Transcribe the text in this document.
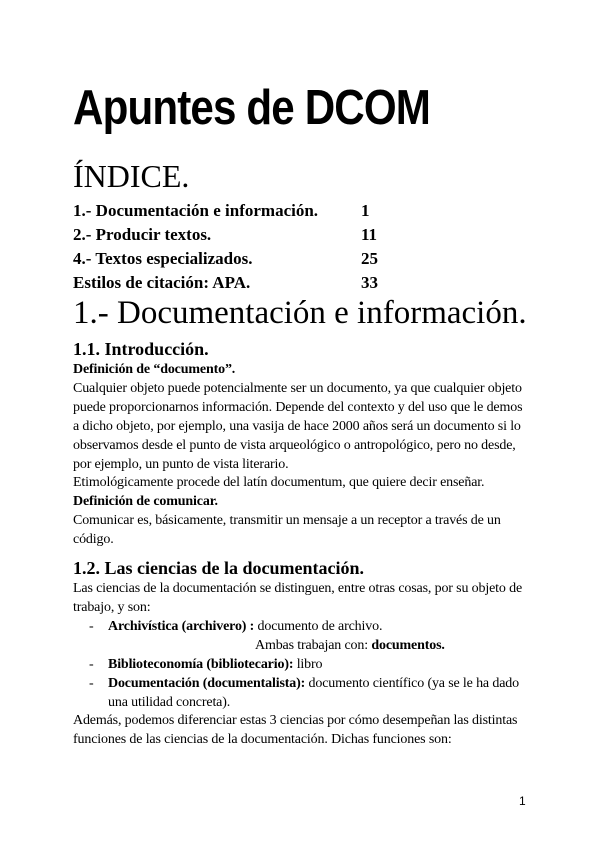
Apuntes de DCOM
ÍNDICE.
1.- Documentación e información.	1
2.- Producir textos.	11
4.- Textos especializados.	25
Estilos de citación: APA.	33
1.- Documentación e información.
1.1. Introducción.
Definición de “documento”.
Cualquier objeto puede potencialmente ser un documento, ya que cualquier objeto puede proporcionarnos información. Depende del contexto y del uso que le demos a dicho objeto, por ejemplo, una vasija de hace 2000 años será un documento si lo observamos desde el punto de vista arqueológico o antropológico, pero no desde, por ejemplo, un punto de vista literario.
Etimológicamente procede del latín documentum, que quiere decir enseñar.
Definición de comunicar.
Comunicar es, básicamente, transmitir un mensaje a un receptor a través de un código.
1.2. Las ciencias de la documentación.
Las ciencias de la documentación se distinguen, entre otras cosas, por su objeto de trabajo, y son:
- Archivística (archivero) : documento de archivo.
Ambas trabajan con: documentos.
- Biblioteconomía (bibliotecario): libro
- Documentación (documentalista): documento científico (ya se le ha dado una utilidad concreta).
Además, podemos diferenciar estas 3 ciencias por cómo desempeñan las distintas funciones de las ciencias de la documentación. Dichas funciones son:
1
